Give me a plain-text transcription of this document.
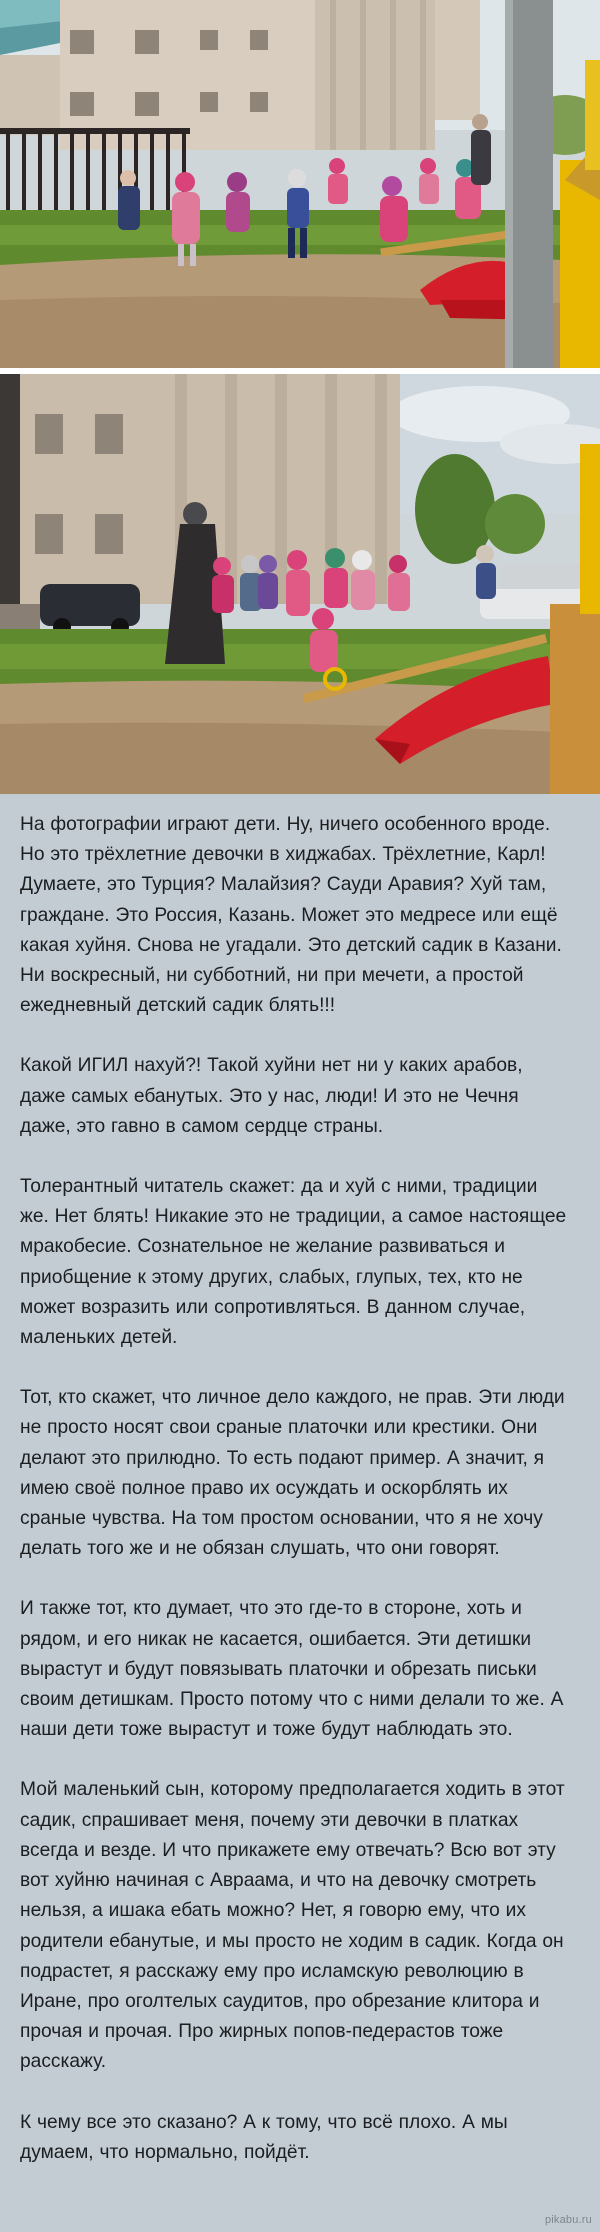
На фотографии играют дети. Ну, ничего особенного вроде. Но это трёхлетние девочки в хиджабах. Трёхлетние, Карл! Думаете, это Турция? Малайзия? Сауди Аравия? Хуй там, граждане. Это Россия, Казань. Может это медресе или ещё какая хуйня. Снова не угадали. Это детский садик в Казани. Ни воскресный, ни субботний, ни при мечети, а простой ежедневный детский садик блять!!!

Какой ИГИЛ нахуй?! Такой хуйни нет ни у каких арабов, даже самых ебанутых. Это у нас, люди! И это не Чечня даже, это гавно в самом сердце страны.

Толерантный читатель скажет: да и хуй с ними, традиции же. Нет блять! Никакие это не традиции, а самое настоящее мракобесие. Сознательное не желание развиваться и приобщение к этому других, слабых, глупых, тех, кто не может возразить или сопротивляться. В данном случае, маленьких детей.

Тот, кто скажет, что личное дело каждого, не прав. Эти люди не просто носят свои сраные платочки или крестики. Они делают это прилюдно. То есть подают пример. А значит, я имею своё полное право их осуждать и оскорблять их сраные чувства. На том простом основании, что я не хочу делать того же и не обязан слушать, что они говорят.

И также тот, кто думает, что это где-то в стороне, хоть и рядом, и его никак не касается, ошибается. Эти детишки вырастут и будут повязывать платочки и обрезать письки своим детишкам. Просто потому что с ними делали то же. А наши дети тоже вырастут и тоже будут наблюдать это.

Мой маленький сын, которому предполагается ходить в этот садик, спрашивает меня, почему эти девочки в платках всегда и везде. И что прикажете ему отвечать? Всю вот эту вот хуйню начиная с Авраама, и что на девочку смотреть нельзя, а ишака ебать можно? Нет, я говорю ему, что их родители ебанутые, и мы просто не ходим в садик. Когда он подрастет, я расскажу ему про исламскую революцию в Иране, про оголтелых саудитов, про обрезание клитора и прочая и прочая. Про жирных попов-педерастов тоже расскажу.

К чему все это сказано? А к тому, что всё плохо. А мы думаем, что нормально, пойдёт.

pikabu.ru
